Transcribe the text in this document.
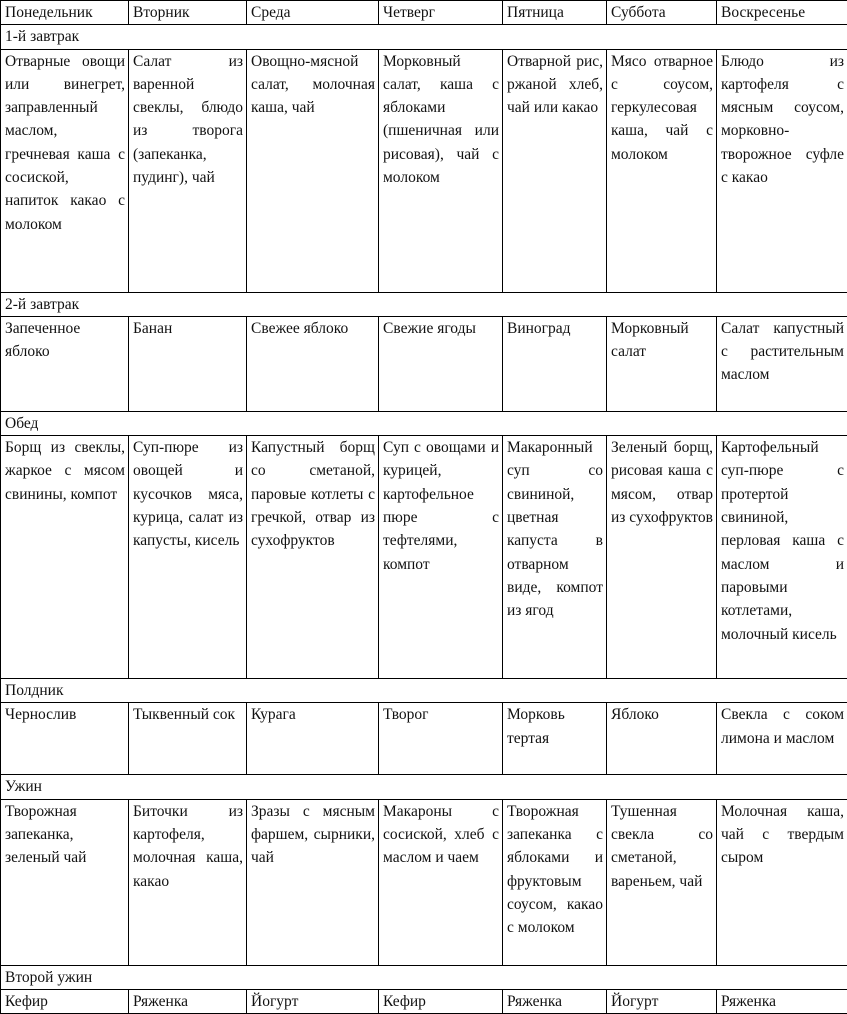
Понедельник	Вторник	Среда	Четверг	Пятница	Суббота	Воскресенье
1-й завтрак						
Отварные овощи или винегрет, заправленный маслом, гречневая каша с сосиской, напиток какао с молоком	Салат из варенной свеклы, блюдо из творога (запеканка, пудинг), чай	Овощно-мясной салат, молочная каша, чай	Морковный салат, каша с яблоками (пшеничная или рисовая), чай с молоком	Отварной рис, ржаной хлеб, чай или какао	Мясо отварное с соусом, геркулесовая каша, чай с молоком	Блюдо из картофеля с мясным соусом, морковно-творожное суфле с какао
2-й завтрак						
Запеченное яблоко	Банан	Свежее яблоко	Свежие ягоды	Виноград	Морковный салат	Салат капустный с растительным маслом
Обед						
Борщ из свеклы, жаркое с мясом свинины, компот	Суп-пюре из овощей и кусочков мяса, курица, салат из капусты, кисель	Капустный борщ со сметаной, паровые котлеты с гречкой, отвар из сухофруктов	Суп с овощами и курицей, картофельное пюре с тефтелями, компот	Макаронный суп со свининой, цветная капуста в отварном виде, компот из ягод	Зеленый борщ, рисовая каша с мясом, отвар из сухофруктов	Картофельный суп-пюре с протертой свининой, перловая каша с маслом и паровыми котлетами, молочный кисель
Полдник						
Чернослив	Тыквенный сок	Курага	Творог	Морковь тертая	Яблоко	Свекла с соком лимона и маслом
Ужин						
Творожная запеканка, зеленый чай	Биточки из картофеля, молочная каша, какао	Зразы с мясным фаршем, сырники, чай	Макароны с сосиской, хлеб с маслом и чаем	Творожная запеканка с яблоками и фруктовым соусом, какао с молоком	Тушенная свекла со сметаной, вареньем, чай	Молочная каша, чай с твердым сыром
Второй ужин						
Кефир	Ряженка	Йогурт	Кефир	Ряженка	Йогурт	Ряженка
